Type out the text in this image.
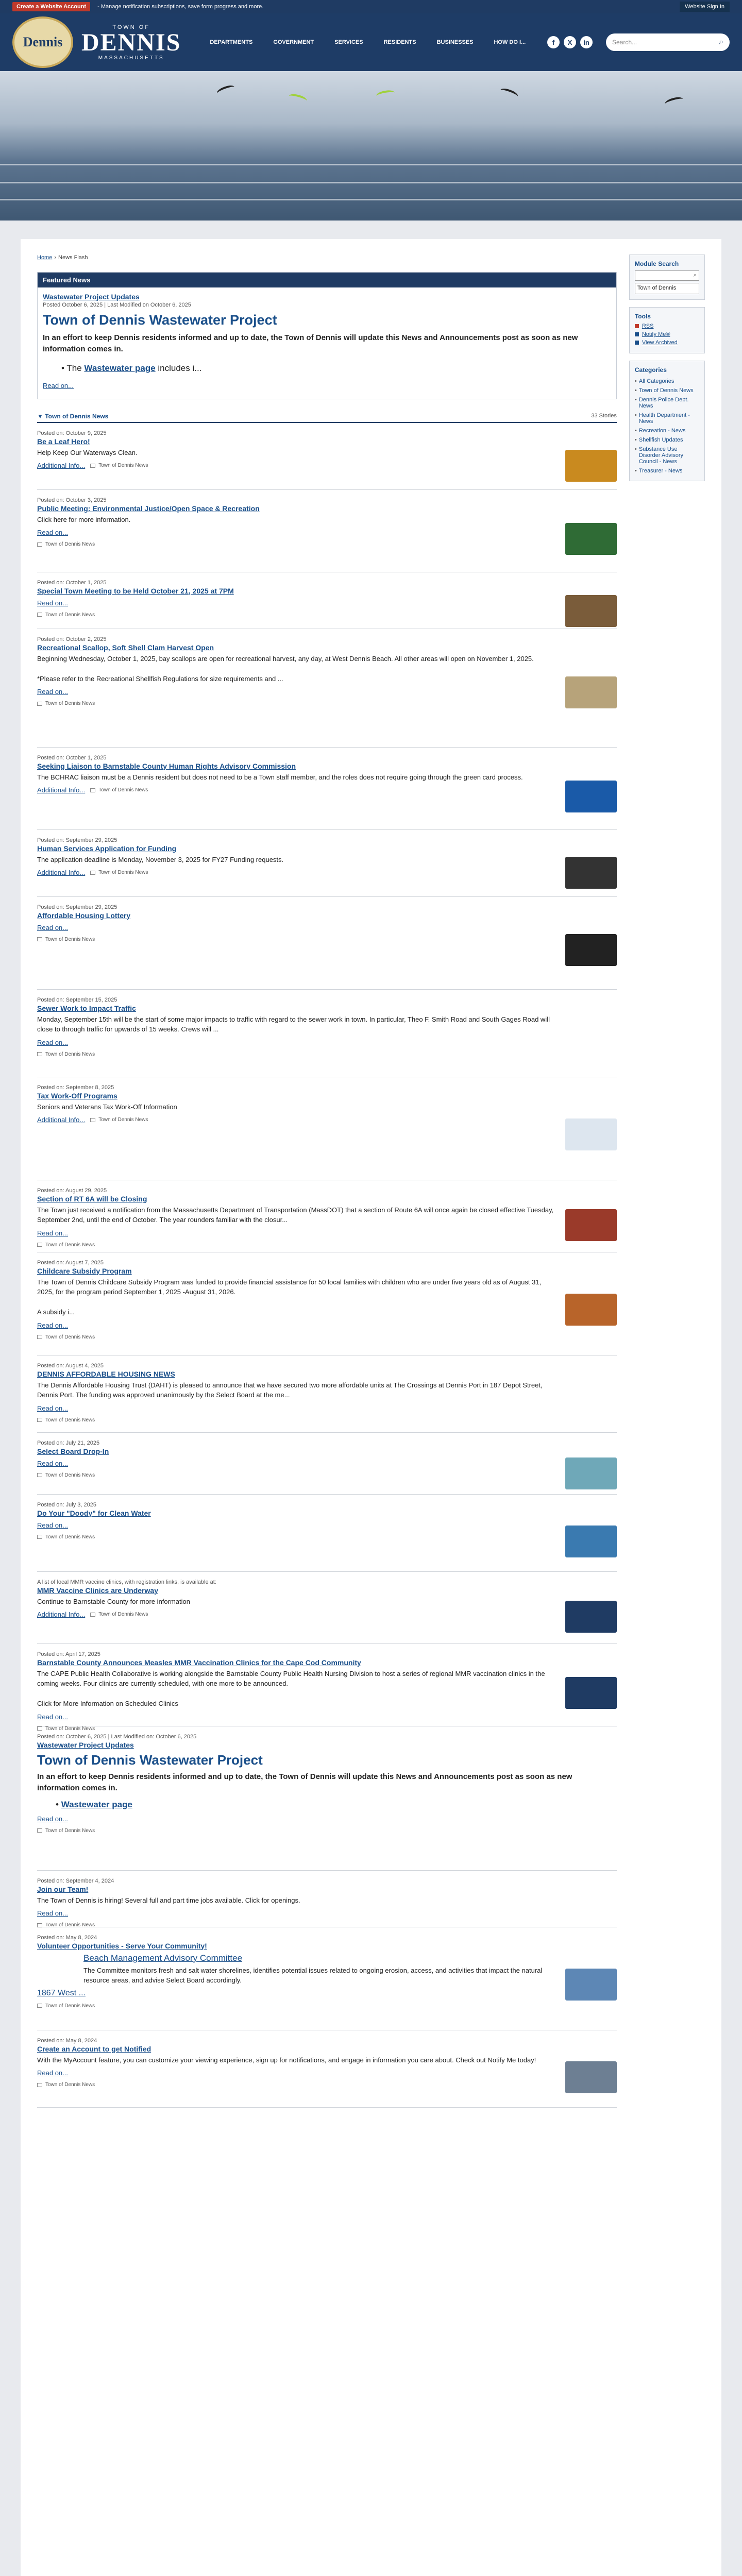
Create a Website Account	- Manage notification subscriptions, save form progress and more.	Website Sign In
Dennis
TOWN OF
DENNIS
MASSACHUSETTS
DEPARTMENTS	GOVERNMENT	SERVICES	RESIDENTS	BUSINESSES	HOW DO I...	f	X	in	Search...	⌕
Home › News Flash
Featured News
Wastewater Project Updates
Posted October 6, 2025 | Last Modified on October 6, 2025
Town of Dennis Wastewater Project
In an effort to keep Dennis residents informed and up to date, the Town of Dennis will update this News and Announcements post as soon as new information comes in.
• The Wastewater page includes i...
Read on...
▼ Town of Dennis News	33 Stories
Posted on: October 9, 2025
Be a Leaf Hero!
Help Keep Our Waterways Clean.
Additional Info...	Town of Dennis News
Posted on: October 3, 2025
Public Meeting: Environmental Justice/Open Space & Recreation
Click here for more information.
Read on...
Town of Dennis News
Posted on: October 1, 2025
Special Town Meeting to be Held October 21, 2025 at 7PM
Read on...
Town of Dennis News
Posted on: October 2, 2025
Recreational Scallop, Soft Shell Clam Harvest Open
Beginning Wednesday, October 1, 2025, bay scallops are open for recreational harvest, any day, at West Dennis Beach. All other areas will open on November 1, 2025.

*Please refer to the Recreational Shellfish Regulations for size requirements and ...
Read on...
Town of Dennis News
Posted on: October 1, 2025
Seeking Liaison to Barnstable County Human Rights Advisory Commission
The BCHRAC liaison must be a Dennis resident but does not need to be a Town staff member, and the roles does not require going through the green card process.
Additional Info...	Town of Dennis News
Posted on: September 29, 2025
Human Services Application for Funding
The application deadline is Monday, November 3, 2025 for FY27 Funding requests.
Additional Info...	Town of Dennis News
Posted on: September 29, 2025
Affordable Housing Lottery
Read on...
Town of Dennis News
Posted on: September 15, 2025
Sewer Work to Impact Traffic
Monday, September 15th will be the start of some major impacts to traffic with regard to the sewer work in town. In particular, Theo F. Smith Road and South Gages Road will close to through traffic for upwards of 15 weeks. Crews will ...
Read on...
Town of Dennis News
Posted on: September 8, 2025
Tax Work-Off Programs
Seniors and Veterans Tax Work-Off Information
Additional Info...	Town of Dennis News
Posted on: August 29, 2025
Section of RT 6A will be Closing
The Town just received a notification from the Massachusetts Department of Transportation (MassDOT) that a section of Route 6A will once again be closed effective Tuesday, September 2nd, until the end of October. The year rounders familiar with the closur...
Read on...
Town of Dennis News
Posted on: August 7, 2025
Childcare Subsidy Program
The Town of Dennis Childcare Subsidy Program was funded to provide financial assistance for 50 local families with children who are under five years old as of August 31, 2025, for the program period September 1, 2025 -August 31, 2026.

A subsidy i...
Read on...
Town of Dennis News
Posted on: August 4, 2025
DENNIS AFFORDABLE HOUSING NEWS
The Dennis Affordable Housing Trust (DAHT) is pleased to announce that we have secured two more affordable units at The Crossings at Dennis Port in 187 Depot Street, Dennis Port. The funding was approved unanimously by the Select Board at the me...
Read on...
Town of Dennis News
Posted on: July 21, 2025
Select Board Drop-In
Read on...
Town of Dennis News
Posted on: July 3, 2025
Do Your "Doody" for Clean Water
Read on...
Town of Dennis News
A list of local MMR vaccine clinics, with registration links, is available at:
MMR Vaccine Clinics are Underway
Continue to Barnstable County for more information
Additional Info...	Town of Dennis News
Posted on: April 17, 2025
Barnstable County Announces Measles MMR Vaccination Clinics for the Cape Cod Community
The CAPE Public Health Collaborative is working alongside the Barnstable County Public Health Nursing Division to host a series of regional MMR vaccination clinics in the coming weeks. Four clinics are currently scheduled, with one more to be announced.

Click for More Information on Scheduled Clinics
Read on...
Town of Dennis News
Posted on: October 6, 2025 | Last Modified on: October 6, 2025
Wastewater Project Updates
Town of Dennis Wastewater Project
In an effort to keep Dennis residents informed and up to date, the Town of Dennis will update this News and Announcements post as soon as new information comes in.
• Wastewater page
Read on...
Town of Dennis News
Posted on: September 4, 2024
Join our Team!
The Town of Dennis is hiring! Several full and part time jobs available. Click for openings.
Read on...
Town of Dennis News
Posted on: May 8, 2024
Volunteer Opportunities - Serve Your Community!
Beach Management Advisory Committee
The Committee monitors fresh and salt water shorelines, identifies potential issues related to ongoing erosion, access, and activities that impact the natural resource areas, and advise Select Board accordingly.
1867 West ...
Town of Dennis News
Posted on: May 8, 2024
Create an Account to get Notified
With the MyAccount feature, you can customize your viewing experience, sign up for notifications, and engage in information you care about. Check out Notify Me today!
Read on...
Town of Dennis News
Module Search
⌕
Town of Dennis
Tools
RSS
Notify Me®
View Archived
Categories
• All Categories
• Town of Dennis News
• Dennis Police Dept. News
• Health Department - News
• Recreation - News
• Shellfish Updates
• Substance Use Disorder Advisory Council - News
• Treasurer - News
